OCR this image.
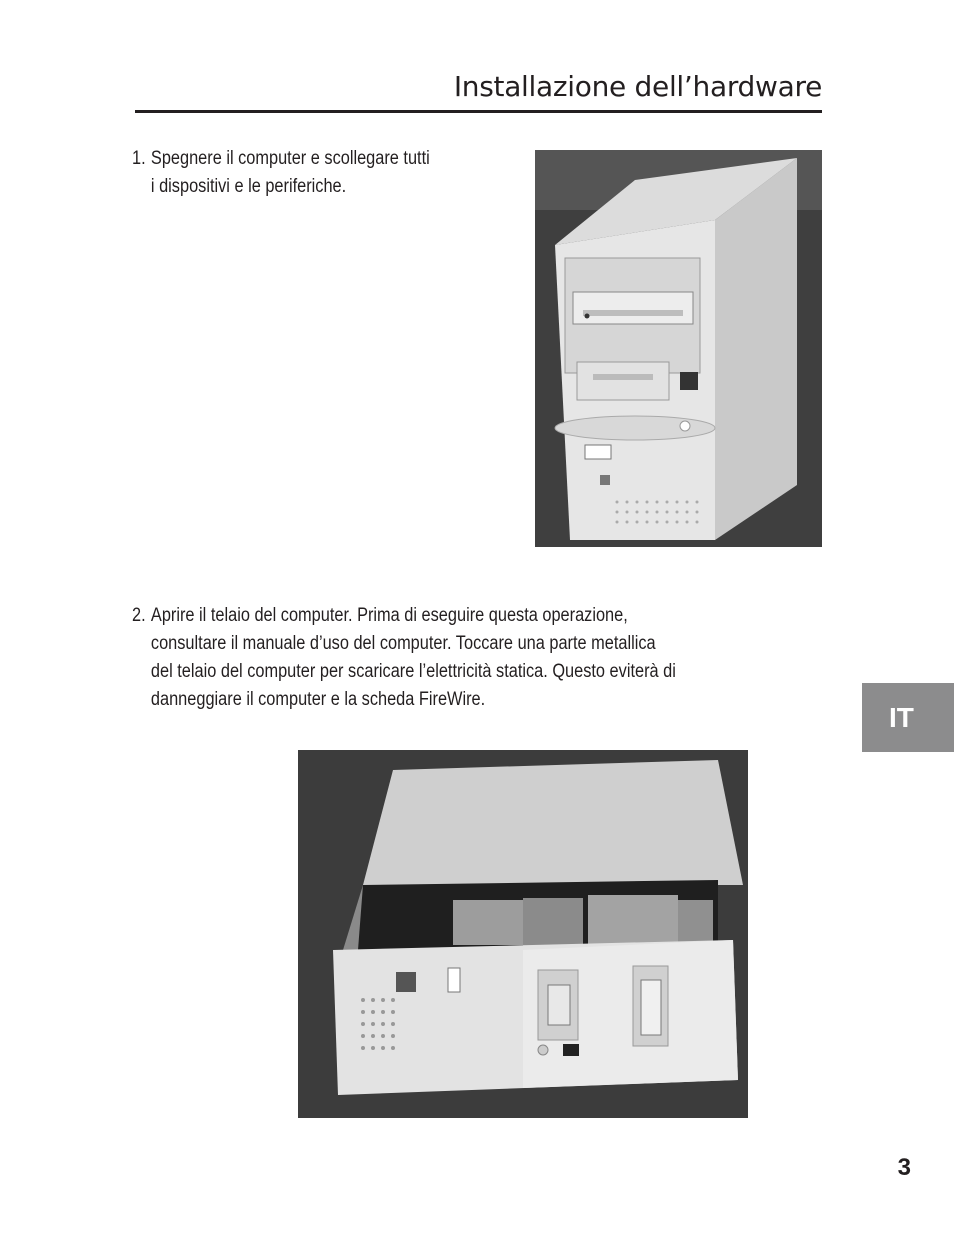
Installazione dell’hardware
1. Spegnere il computer e scollegare tutti
i dispositivi e le periferiche.
2. Aprire il telaio del computer. Prima di eseguire questa operazione,
consultare il manuale d’uso del computer. Toccare una parte metallica
del telaio del computer per scaricare l’elettricità statica. Questo eviterà di
danneggiare il computer e la scheda FireWire.
IT
3
